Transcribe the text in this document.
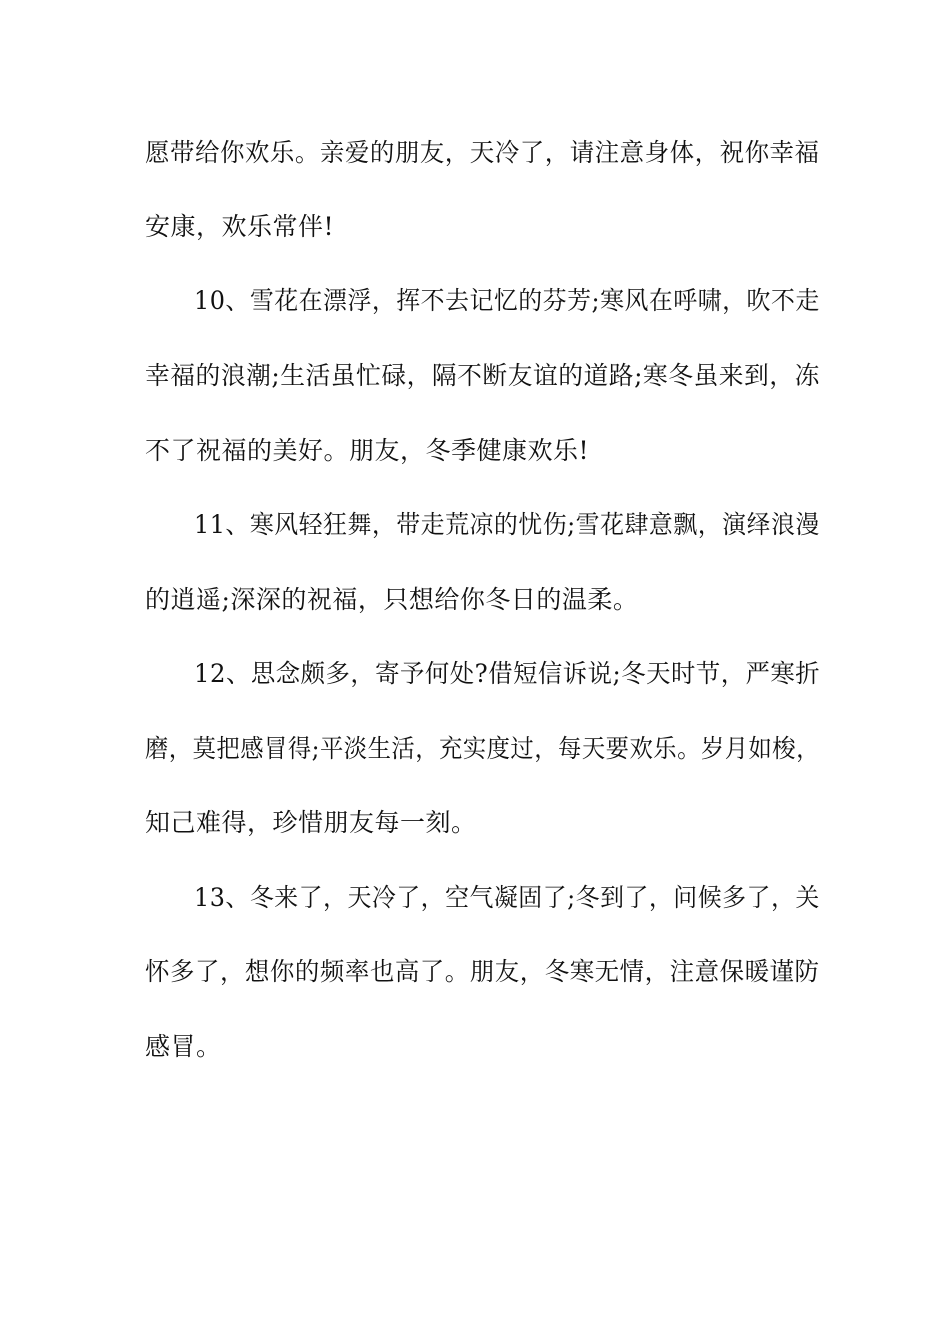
愿带给你欢乐。亲爱的朋友，天冷了，请注意身体，祝你幸福

安康，欢乐常伴!

10、雪花在漂浮，挥不去记忆的芬芳;寒风在呼啸，吹不走

幸福的浪潮;生活虽忙碌，隔不断友谊的道路;寒冬虽来到，冻

不了祝福的美好。朋友，冬季健康欢乐!

11、寒风轻狂舞，带走荒凉的忧伤;雪花肆意飘，演绎浪漫

的逍遥;深深的祝福，只想给你冬日的温柔。

12、思念颇多，寄予何处?借短信诉说;冬天时节，严寒折

磨，莫把感冒得;平淡生活，充实度过，每天要欢乐。岁月如梭，

知己难得，珍惜朋友每一刻。

13、冬来了，天冷了，空气凝固了;冬到了，问候多了，关

怀多了，想你的频率也高了。朋友，冬寒无情，注意保暖谨防

感冒。
